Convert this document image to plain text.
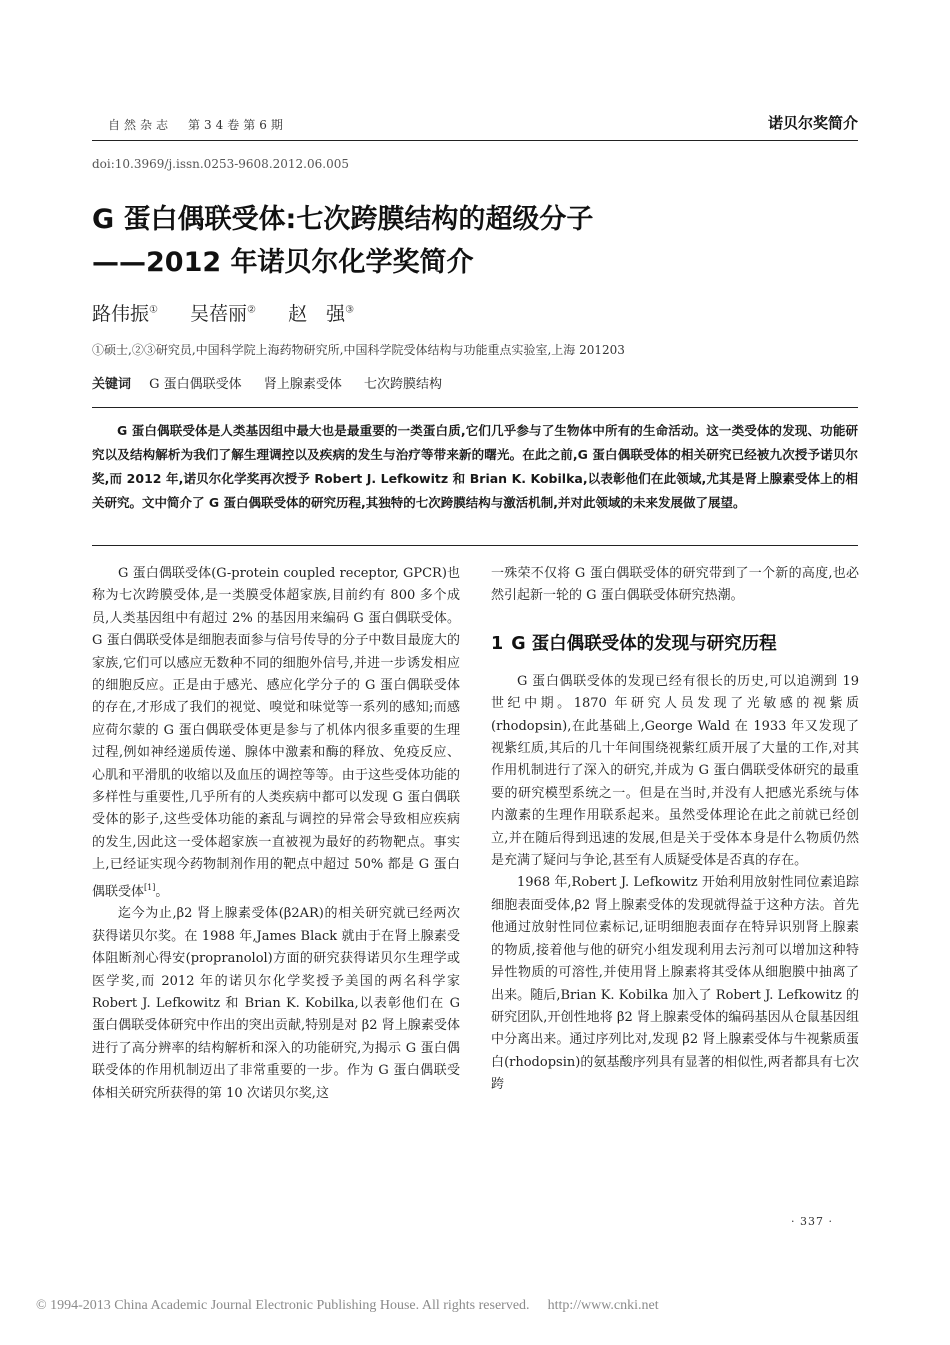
自然杂志　第34卷第6期	诺贝尔奖简介
doi:10.3969/j.issn.0253-9608.2012.06.005
G 蛋白偶联受体:七次跨膜结构的超级分子
——2012 年诺贝尔化学奖简介
路伟振① 吴蓓丽② 赵　强③
①硕士,②③研究员,中国科学院上海药物研究所,中国科学院受体结构与功能重点实验室,上海 201203
关键词 G 蛋白偶联受体 肾上腺素受体 七次跨膜结构
G 蛋白偶联受体是人类基因组中最大也是最重要的一类蛋白质,它们几乎参与了生物体中所有的生命活动。这一类受体的发现、功能研究以及结构解析为我们了解生理调控以及疾病的发生与治疗等带来新的曙光。在此之前,G 蛋白偶联受体的相关研究已经被九次授予诺贝尔奖,而 2012 年,诺贝尔化学奖再次授予 Robert J. Lefkowitz 和 Brian K. Kobilka,以表彰他们在此领域,尤其是肾上腺素受体上的相关研究。文中简介了 G 蛋白偶联受体的研究历程,其独特的七次跨膜结构与激活机制,并对此领域的未来发展做了展望。

G 蛋白偶联受体(G-protein coupled receptor, GPCR)也称为七次跨膜受体,是一类膜受体超家族,目前约有 800 多个成员,人类基因组中有超过 2% 的基因用来编码 G 蛋白偶联受体。G 蛋白偶联受体是细胞表面参与信号传导的分子中数目最庞大的家族,它们可以感应无数种不同的细胞外信号,并进一步诱发相应的细胞反应。正是由于感光、感应化学分子的 G 蛋白偶联受体的存在,才形成了我们的视觉、嗅觉和味觉等一系列的感知;而感应荷尔蒙的 G 蛋白偶联受体更是参与了机体内很多重要的生理过程,例如神经递质传递、腺体中激素和酶的释放、免疫反应、心肌和平滑肌的收缩以及血压的调控等等。由于这些受体功能的多样性与重要性,几乎所有的人类疾病中都可以发现 G 蛋白偶联受体的影子,这些受体功能的紊乱与调控的异常会导致相应疾病的发生,因此这一受体超家族一直被视为最好的药物靶点。事实上,已经证实现今药物制剂作用的靶点中超过 50% 都是 G 蛋白偶联受体[1]。

迄今为止,β2 肾上腺素受体(β2AR)的相关研究就已经两次获得诺贝尔奖。在 1988 年,James Black 就由于在肾上腺素受体阻断剂心得安(propranolol)方面的研究获得诺贝尔生理学或医学奖,而 2012 年的诺贝尔化学奖授予美国的两名科学家 Robert J. Lefkowitz 和 Brian K. Kobilka,以表彰他们在 G 蛋白偶联受体研究中作出的突出贡献,特别是对 β2 肾上腺素受体进行了高分辨率的结构解析和深入的功能研究,为揭示 G 蛋白偶联受体的作用机制迈出了非常重要的一步。作为 G 蛋白偶联受体相关研究所获得的第 10 次诺贝尔奖,这

一殊荣不仅将 G 蛋白偶联受体的研究带到了一个新的高度,也必然引起新一轮的 G 蛋白偶联受体研究热潮。

1 G 蛋白偶联受体的发现与研究历程

G 蛋白偶联受体的发现已经有很长的历史,可以追溯到 19 世纪中期。1870 年研究人员发现了光敏感的视紫质(rhodopsin),在此基础上,George Wald 在 1933 年又发现了视紫红质,其后的几十年间围绕视紫红质开展了大量的工作,对其作用机制进行了深入的研究,并成为 G 蛋白偶联受体研究的最重要的研究模型系统之一。但是在当时,并没有人把感光系统与体内激素的生理作用联系起来。虽然受体理论在此之前就已经创立,并在随后得到迅速的发展,但是关于受体本身是什么物质仍然是充满了疑问与争论,甚至有人质疑受体是否真的存在。

1968 年,Robert J. Lefkowitz 开始利用放射性同位素追踪细胞表面受体,β2 肾上腺素受体的发现就得益于这种方法。首先他通过放射性同位素标记,证明细胞表面存在特异识别肾上腺素的物质,接着他与他的研究小组发现利用去污剂可以增加这种特异性物质的可溶性,并使用肾上腺素将其受体从细胞膜中抽离了出来。随后,Brian K. Kobilka 加入了 Robert J. Lefkowitz 的研究团队,开创性地将 β2 肾上腺素受体的编码基因从仓鼠基因组中分离出来。通过序列比对,发现 β2 肾上腺素受体与牛视紫质蛋白(rhodopsin)的氨基酸序列具有显著的相似性,两者都具有七次跨

· 337 ·
© 1994-2013 China Academic Journal Electronic Publishing House. All rights reserved. http://www.cnki.net
